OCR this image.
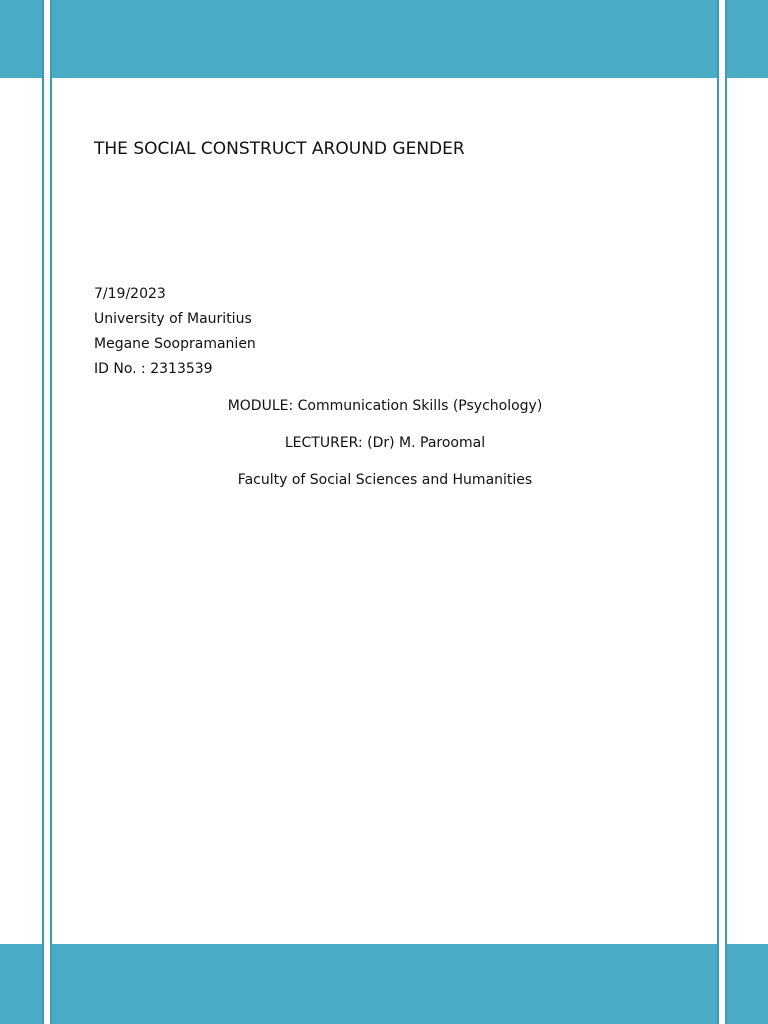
THE SOCIAL CONSTRUCT AROUND GENDER
7/19/2023
University of Mauritius
Megane Soopramanien
ID No. : 2313539
MODULE: Communication Skills (Psychology)
LECTURER: (Dr) M. Paroomal
Faculty of Social Sciences and Humanities
